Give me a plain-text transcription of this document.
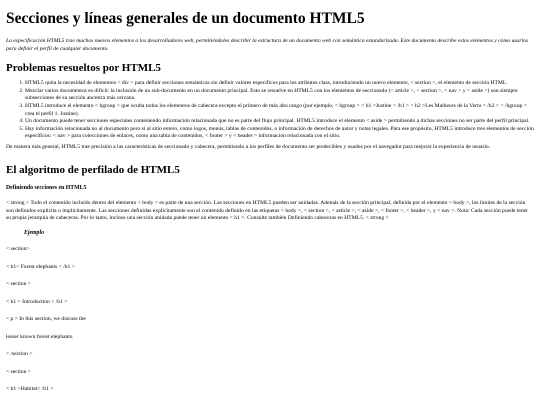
Secciones y líneas generales de un documento HTML5

La especificación HTML5 trae muchos nuevos elementos a los desarrolladores web, permitiéndoles describir la estructura de un documento web con semántica estandarizada. Este documento describe estos elementos y cómo usarlos para definir el perfil de cualquier documento.

Problemas resueltos por HTML5
1. HTML5 quita la necesidad de elementos < div > para definir secciones semánticas sin definir valores específicos para los atributos class, introduciendo un nuevo elemento, < section >, el elemento de sección HTML.
2. Mezclar varios documentos es difícil: la inclusión de un sub-documento en un documento principal. Esto se resuelve en HTML5 con los elementos de seccionado (< article >, < section >, < nav > y < aside >) son siempre subsecciones de su sección ancestra más cercana.
3. HTML5 introduce el elemento < hgroup > que oculta todos los elementos de cabecera excepto el primero de más alto rango (por ejemplo, < hgroup > < h1 >Justine < /h1 > < h2 >Les Malheurs de la Vertu < /h2 > < /hgroup > crea el perfil 1. Justine).
4. Un documento puede tener secciones especiales conteniendo información relacionada que no es parte del flujo principal. HTML5 introduce el elemento < aside > permitiendo a dichas secciones no ser parte del perfil principal.
5. Hay información relacionada no al documento pero si al sitio entero, como logos, menús, tablas de contenidos, o información de derechos de autor y notas legales. Para ese propósito, HTML5 introduce tres elementos de sección específicos: < nav > para colecciones de enlaces, como una tabla de contenidos, < footer > y < header > información relacionada con el sitio.

De manera más general, HTML5 trae precisión a las características de seccionado y cabecera, permitiendo a los perfiles de documento ser predecibles y usados por el navegador para mejorar la experiencia de usuario.

El algoritmo de perfilado de HTML5
Definiendo secciones en HTML5

< strong > Todo el contenido incluido dentro del elemento < body > es parte de una sección. Las secciones en HTML5 pueden ser anidadas. Además de la sección principal, definida por el elemento < body >, los límites de la sección son definidos explícita o implícitamente. Las secciones definidas explícitamente son el contenido definido en las etiquetas < body >, < section >, < article >, < aside >, < footer >, < header >, y < nav >. Nota: Cada sección puede tener su propia jerarquía de cabeceras. Por lo tanto, incluso una sección anidada puede tener un elemento < h1 >. Consulte también Definiendo cabeceras en HTML5. < strong >

Ejemplo

< section>

< h1> Forest elephants < /h1 >

< section >

< h1 > Introduction < /h1 >

< p > In this section, we discuss the

lesser known forest elephants.

< /section >

< section >

< h1 >Habitat< /h1 >
